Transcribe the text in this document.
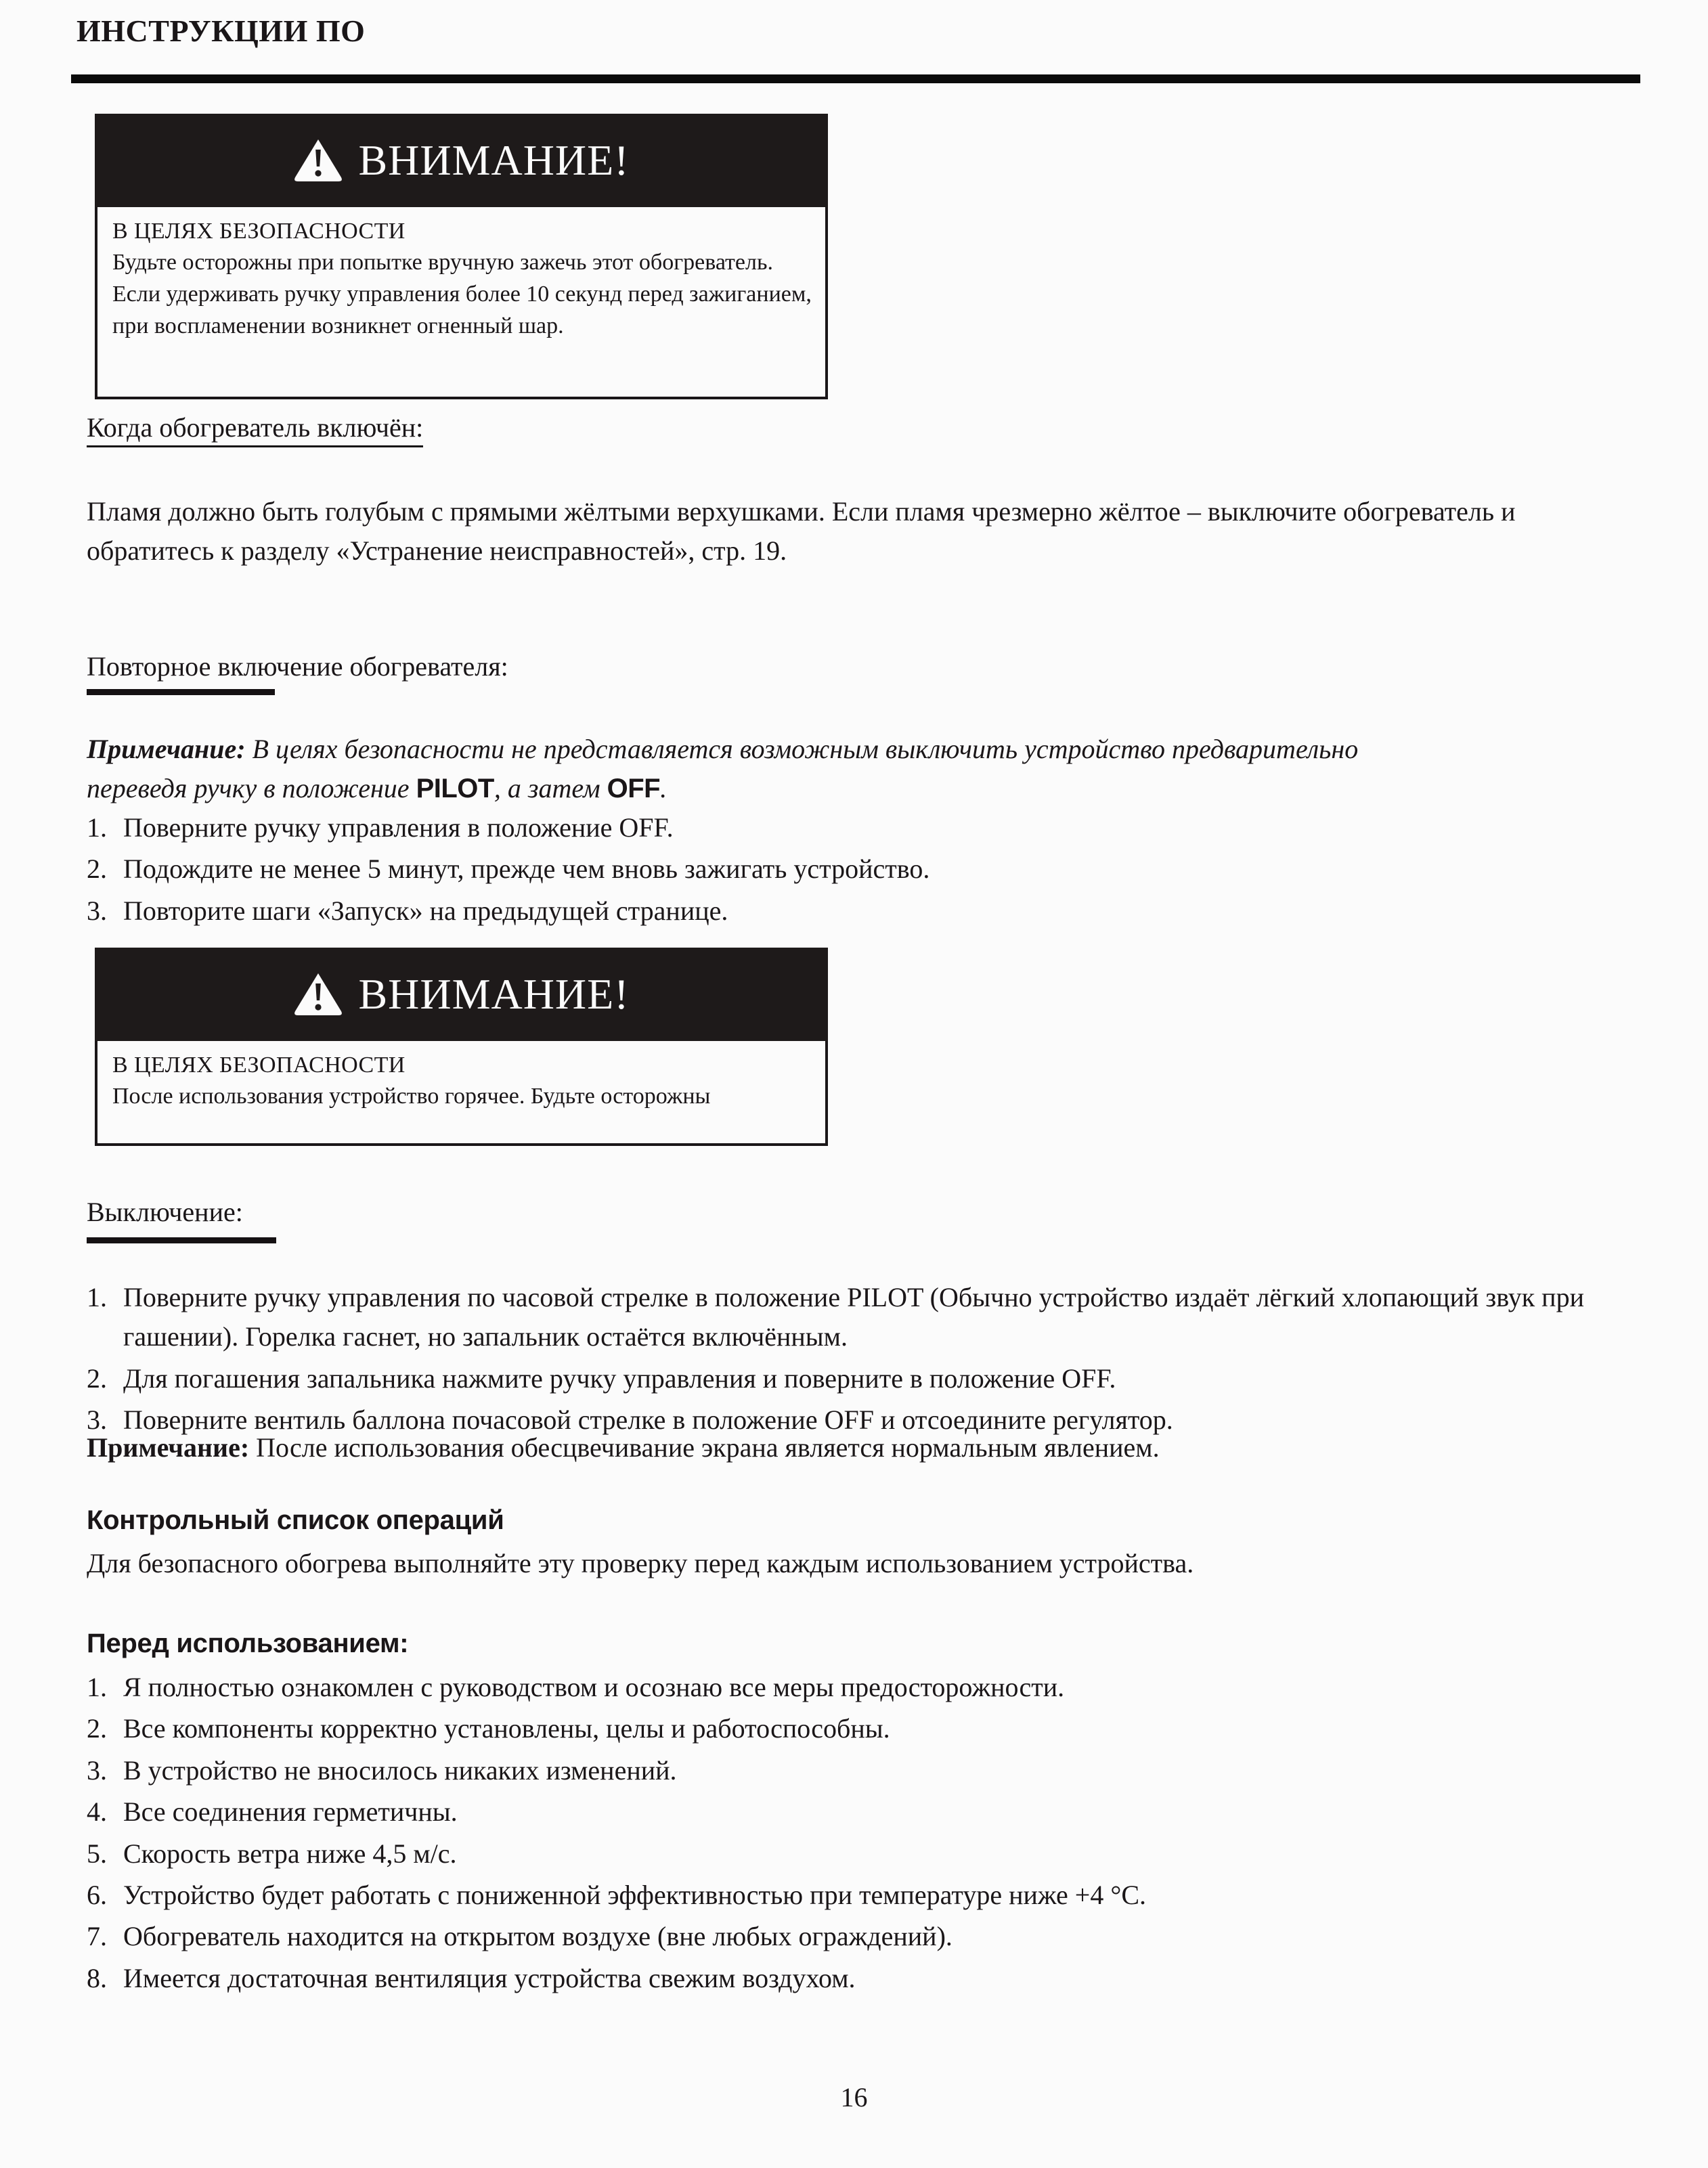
ИНСТРУКЦИИ ПО
ВНИМАНИЕ!
В ЦЕЛЯХ БЕЗОПАСНОСТИ
Будьте осторожны при попытке вручную зажечь этот обогреватель. Если удерживать ручку управления более 10 секунд перед зажиганием, при воспламенении возникнет огненный шар.
Когда обогреватель включён:
Пламя должно быть голубым с прямыми жёлтыми верхушками. Если пламя чрезмерно жёлтое – выключите обогреватель и обратитесь к разделу «Устранение неисправностей», стр. 19.
Повторное включение обогревателя:
Примечание: В целях безопасности не представляется возможным выключить устройство предварительно переведя ручку в положение PILOT, а затем OFF.
1. Поверните ручку управления в положение OFF.
2. Подождите не менее 5 минут, прежде чем вновь зажигать устройство.
3. Повторите шаги «Запуск» на предыдущей странице.
ВНИМАНИЕ!
В ЦЕЛЯХ БЕЗОПАСНОСТИ
После использования устройство горячее. Будьте осторожны
Выключение:
1. Поверните ручку управления по часовой стрелке в положение PILOT (Обычно устройство издаёт лёгкий хлопающий звук при гашении). Горелка гаснет, но запальник остаётся включённым.
2. Для погашения запальника нажмите ручку управления и поверните в положение OFF.
3. Поверните вентиль баллона почасовой стрелке в положение OFF и отсоедините регулятор.
Примечание: После использования обесцвечивание экрана является нормальным явлением.
Контрольный список операций
Для безопасного обогрева выполняйте эту проверку перед каждым использованием устройства.
Перед использованием:
1. Я полностью ознакомлен с руководством и осознаю все меры предосторожности.
2. Все компоненты корректно установлены, целы и работоспособны.
3. В устройство не вносилось никаких изменений.
4. Все соединения герметичны.
5. Скорость ветра ниже 4,5 м/с.
6. Устройство будет работать с пониженной эффективностью при температуре ниже +4 °C.
7. Обогреватель находится на открытом воздухе (вне любых ограждений).
8. Имеется достаточная вентиляция устройства свежим воздухом.
16
